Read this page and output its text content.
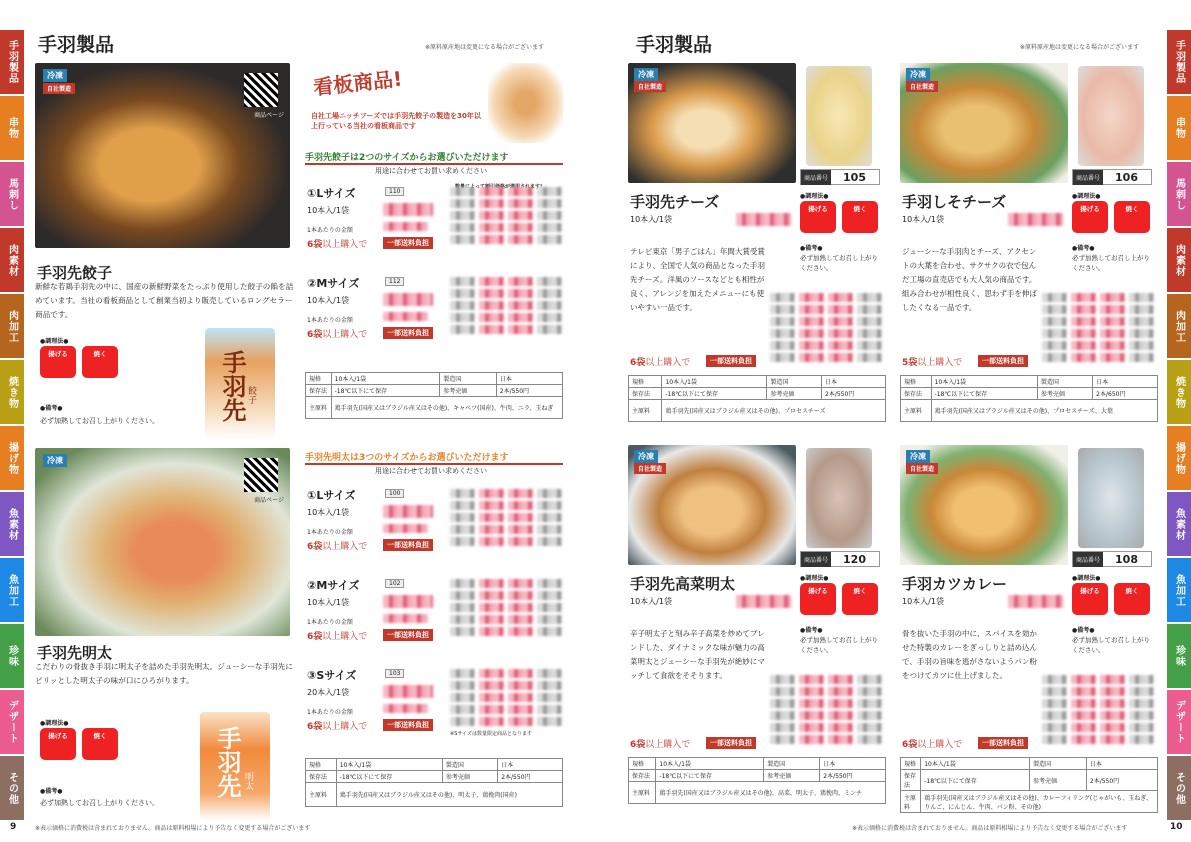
手羽製品
串物
馬刺し
肉素材
肉加工
焼き物
揚げ物
魚素材
魚加工
珍味
デザート
その他
手羽製品
串物
馬刺し
肉素材
肉加工
焼き物
揚げ物
魚素材
魚加工
珍味
デザート
その他
手羽製品	※原料原産地は変更になる場合がございます	手羽製品	※原料原産地は変更になる場合がございます
冷凍
自社製造
商品ページ
手羽先餃子
新鮮な若鶏手羽先の中に、国産の新鮮野菜をたっぷり使用した餃子の餡を詰めています。当社の看板商品として創業当初より販売しているロングセラー商品です。
●調理法●
揚げる	焼く
●備考●
必ず加熱してお召し上がりください。 手羽先 餃子
看板商品!
自社工場ニッチフーズでは手羽先餃子の製造を30年以上行っている当社の看板商品です
手羽先餃子は2つのサイズからお選びいただけます
用途に合わせてお買い求めください
①Lサイズ	110
10本入/1袋
1本あたりの金額
6袋以上購入で	一部送料負担
②Mサイズ	112
10本入/1袋
1本あたりの金額
6袋以上購入で	一部送料負担
規格	10本入/1袋	製造国	日本
保存法	-18℃以下にて保存	参考売価	2本/550円
主原料	鶏手羽先(国産又はブラジル産又はその他)、キャベツ(国産)、牛肉、ニラ、玉ねぎ		
冷凍
商品ページ
手羽先明太
こだわりの骨抜き手羽に明太子を詰めた手羽先明太。ジューシーな手羽先にピリッとした明太子の味が口にひろがります。
●調理法●
揚げる	焼く
●備考●
必ず加熱してお召し上がりください。
手羽先 明太
手羽先明太は3つのサイズからお選びいただけます
用途に合わせてお買い求めください
①Lサイズ	100
10本入/1袋
1本あたりの金額
6袋以上購入で	一部送料負担
②Mサイズ	102
10本入/1袋
1本あたりの金額
6袋以上購入で	一部送料負担
③Sサイズ	103
20本入/1袋
1本あたりの金額
6袋以上購入で	一部送料負担
※Sサイズは数量限定商品となります
規格	10本入/1袋	製造国	日本
保存法	-18℃以下にて保存	参考売価	2本/550円
主原料	鶏手羽先(国産又はブラジル産又はその他)、明太子、鶏挽肉(国産)		
9	※表示価格に消費税は含まれておりません。商品は原料相場により予告なく変更する場合がございます	※表示価格に消費税は含まれておりません。商品は原料相場により予告なく変更する場合がございます	10
冷凍
自社製造
商品番号 105
手羽先チーズ
10本入/1袋
●調理法●
揚げる	焼く
●備考●
必ず加熱してお召し上がりください。
テレビ東京「男子ごはん」年間大賞受賞により、全国で人気の商品となった手羽先チーズ。洋風のソースなどとも相性が良く、アレンジを加えたメニューにも使いやすい一品です。
6袋以上購入で	一部送料負担
規格	10本入/1袋	製造国	日本
保存法	-18℃以下にて保存	参考売価	2本/550円
主原料	鶏手羽先(国産又はブラジル産又はその他)、プロセスチーズ		
冷凍
自社製造
商品番号 106
手羽しそチーズ
10本入/1袋
●調理法●
揚げる	焼く
●備考●
必ず加熱してお召し上がりください。
ジューシーな手羽肉とチーズ、アクセントの大葉を合わせ、サクサクの衣で包んだ工場の直売店でも大人気の商品です。組み合わせが相性良く、思わず手を伸ばしたくなる一品です。
5袋以上購入で	一部送料負担
規格	10本入/1袋	製造国	日本
保存法	-18℃以下にて保存	参考売価	2本/650円
主原料	鶏手羽先(国産又はブラジル産又はその他)、プロセスチーズ、大葉		
冷凍
自社製造
商品番号 120
手羽先高菜明太
10本入/1袋
●調理法●
揚げる	焼く
●備考●
必ず加熱してお召し上がりください。
辛子明太子と刻み辛子高菜を炒めてブレンドした、ダイナミックな味が魅力の高菜明太とジューシーな手羽先が絶妙にマッチして食欲をそそります。
6袋以上購入で	一部送料負担
規格	10本入/1袋	製造国	日本
保存法	-18℃以下にて保存	参考売価	2本/550円
主原料	鶏手羽先(国産又はブラジル産又はその他)、高菜、明太子、鶏挽肉、ミンチ		
冷凍
自社製造
商品番号 108
手羽カツカレー
10本入/1袋
●調理法●
揚げる	焼く
●備考●
必ず加熱してお召し上がりください。
骨を抜いた手羽の中に、スパイスを効かせた特製のカレーをぎっしりと詰め込んで、手羽の旨味を逃がさないようパン粉をつけてカツに仕上げました。
6袋以上購入で	一部送料負担
規格	10本入/1袋	製造国	日本
保存法	-18℃以下にて保存	参考売価	2本/550円
主原料	鶏手羽先(国産又はブラジル産又はその他)、カレーフィリング(じゃがいも、玉ねぎ、りんご、にんじん、牛肉、パン粉、その他)		
